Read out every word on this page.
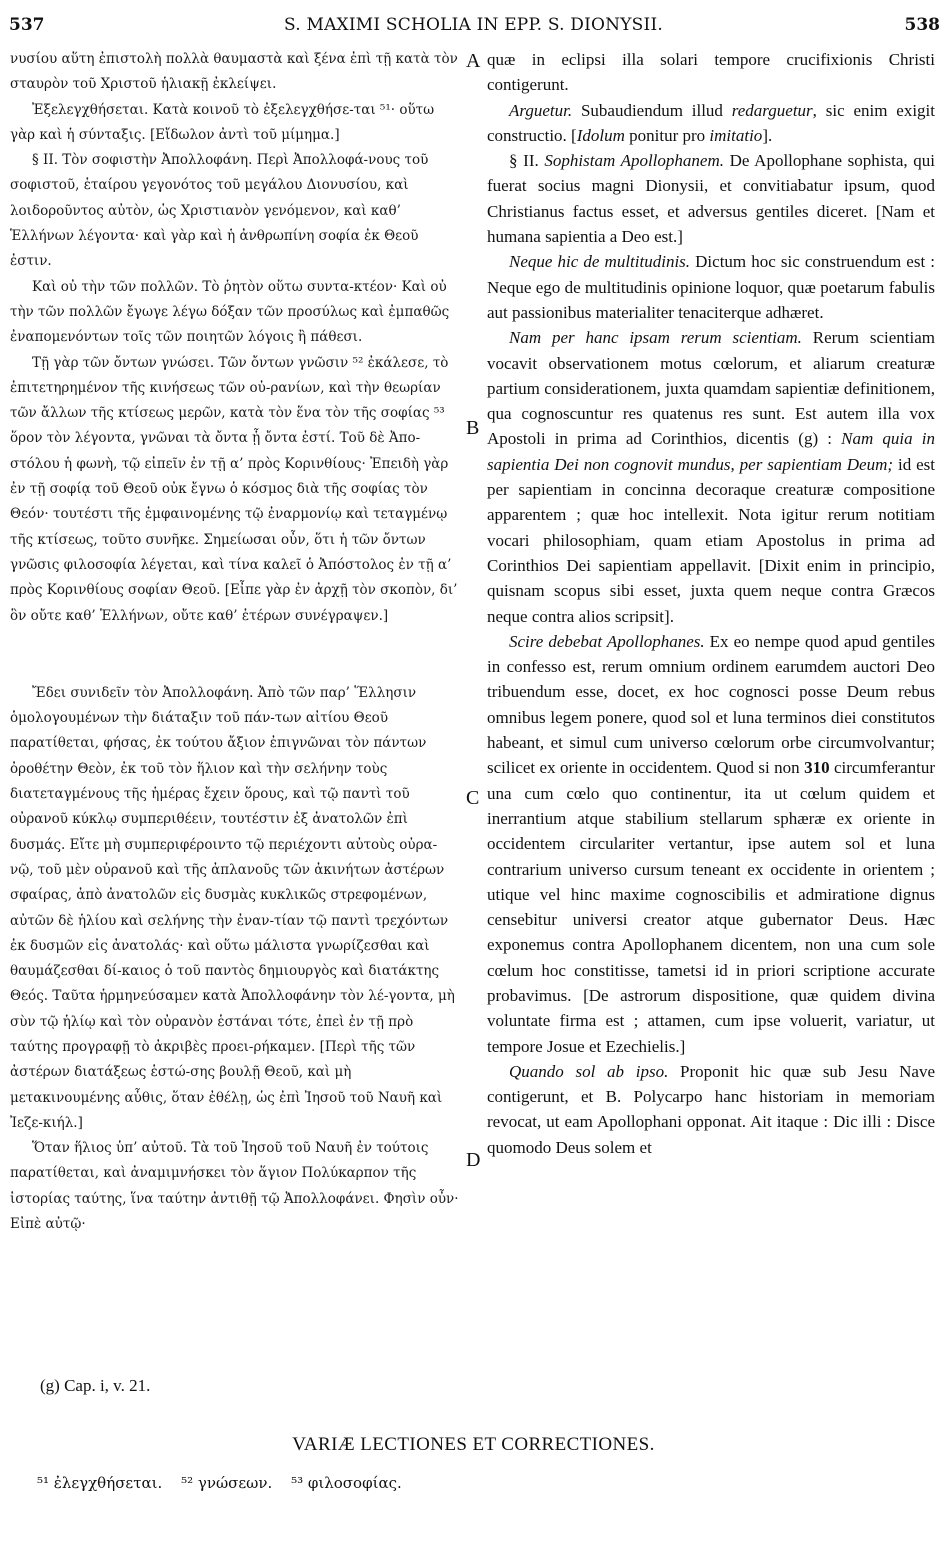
537	S. MAXIMI SCHOLIA IN EPP. S. DIONYSII.	538

νυσίου αὕτη ἐπιστολὴ πολλὰ θαυμαστὰ καὶ ξένα ἐπὶ τῇ κατὰ τὸν σταυρὸν τοῦ Χριστοῦ ἡλιακῇ ἐκλείψει.

Ἐξελεγχθήσεται. Κατὰ κοινοῦ τὸ ἐξελεγχθήσε-ται ⁵¹· οὕτω γὰρ καὶ ἡ σύνταξις. [Εἴδωλον ἀντὶ τοῦ μίμημα.]

§ II. Τὸν σοφιστὴν Ἀπολλοφάνη. Περὶ Ἀπολλοφά-νους τοῦ σοφιστοῦ, ἑταίρου γεγονότος τοῦ μεγάλου Διονυσίου, καὶ λοιδοροῦντος αὐτὸν, ὡς Χριστιανὸν γενόμενον, καὶ καθ’ Ἑλλήνων λέγοντα· καὶ γὰρ καὶ ἡ ἀνθρωπίνη σοφία ἐκ Θεοῦ ἐστιν.

Καὶ οὐ τὴν τῶν πολλῶν. Τὸ ῥητὸν οὕτω συντα-κτέον· Καὶ οὐ τὴν τῶν πολλῶν ἔγωγε λέγω δόξαν τῶν προσύλως καὶ ἐμπαθῶς ἐναπομενόντων τοῖς τῶν ποιητῶν λόγοις ἢ πάθεσι.

Τῇ γὰρ τῶν ὄντων γνώσει. Τῶν ὄντων γνῶσιν ⁵² ἐκάλεσε, τὸ ἐπιτετηρημένον τῆς κινήσεως τῶν οὐ-ρανίων, καὶ τὴν θεωρίαν τῶν ἄλλων τῆς κτίσεως μερῶν, κατὰ τὸν ἕνα τὸν τῆς σοφίας ⁵³ ὅρον τὸν λέγοντα, γνῶναι τὰ ὄντα ᾗ ὄντα ἐστί. Τοῦ δὲ Ἀπο-στόλου ἡ φωνὴ, τῷ εἰπεῖν ἐν τῇ α’ πρὸς Κορινθίους· Ἐπειδὴ γὰρ ἐν τῇ σοφίᾳ τοῦ Θεοῦ οὐκ ἔγνω ὁ κόσμος διὰ τῆς σοφίας τὸν Θεόν· τουτέστι τῆς ἐμφαινομένης τῷ ἐναρμονίῳ καὶ τεταγμένῳ τῆς κτίσεως, τοῦτο συνῆκε. Σημείωσαι οὖν, ὅτι ἡ τῶν ὄντων γνῶσις φιλοσοφία λέγεται, καὶ τίνα καλεῖ ὁ Ἀπόστολος ἐν τῇ α’ πρὸς Κορινθίους σοφίαν Θεοῦ. [Εἶπε γὰρ ἐν ἀρχῇ τὸν σκοπὸν, δι’ ὃν οὔτε καθ’ Ἑλλήνων, οὔτε καθ’ ἑτέρων συνέγραψεν.]

Ἔδει συνιδεῖν τὸν Ἀπολλοφάνη. Ἀπὸ τῶν παρ’ Ἕλλησιν ὁμολογουμένων τὴν διάταξιν τοῦ πάν-των αἰτίου Θεοῦ παρατίθεται, φήσας, ἐκ τούτου ἄξιον ἐπιγνῶναι τὸν πάντων ὀροθέτην Θεὸν, ἐκ τοῦ τὸν ἥλιον καὶ τὴν σελήνην τοὺς διατεταγμένους τῆς ἡμέρας ἔχειν ὅρους, καὶ τῷ παντὶ τοῦ οὐρανοῦ κύκλῳ συμπεριθέειν, τουτέστιν ἐξ ἀνατολῶν ἐπὶ δυσμάς. Εἴτε μὴ συμπεριφέροιντο τῷ περιέχοντι αὐτοὺς οὐρα-νῷ, τοῦ μὲν οὐρανοῦ καὶ τῆς ἀπλανοῦς τῶν ἀκινήτων ἀστέρων σφαίρας, ἀπὸ ἀνατολῶν εἰς δυσμὰς κυκλικῶς στρεφομένων, αὐτῶν δὲ ἡλίου καὶ σελήνης τὴν ἐναν-τίαν τῷ παντὶ τρεχόντων ἐκ δυσμῶν εἰς ἀνατολάς· καὶ οὕτω μάλιστα γνωρίζεσθαι καὶ θαυμάζεσθαι δί-καιος ὁ τοῦ παντὸς δημιουργὸς καὶ διατάκτης Θεός. Ταῦτα ἡρμηνεύσαμεν κατὰ Ἀπολλοφάνην τὸν λέ-γοντα, μὴ σὺν τῷ ἡλίῳ καὶ τὸν οὐρανὸν ἑστάναι τότε, ἐπεὶ ἐν τῇ πρὸ ταύτης προγραφῇ τὸ ἀκριβὲς προει-ρήκαμεν. [Περὶ τῆς τῶν ἀστέρων διατάξεως ἑστώ-σης βουλῇ Θεοῦ, καὶ μὴ μετακινουμένης αὖθις, ὅταν ἐθέλῃ, ὡς ἐπὶ Ἰησοῦ τοῦ Ναυῆ καὶ Ἰεζε-κιήλ.]

Ὅταν ἥλιος ὑπ’ αὐτοῦ. Τὰ τοῦ Ἰησοῦ τοῦ Ναυῆ ἐν τούτοις παρατίθεται, καὶ ἀναμιμνήσκει τὸν ἅγιον Πολύκαρπον τῆς ἱστορίας ταύτης, ἵνα ταύτην ἀντιθῇ τῷ Ἀπολλοφάνει. Φησὶν οὖν· Εἰπὲ αὐτῷ·

A
B
C
D

quæ in eclipsi illa solari tempore crucifixionis Christi contigerunt.

Arguetur. Subaudiendum illud redarguetur, sic enim exigit constructio. [Idolum ponitur pro imitatio].

§ II. Sophistam Apollophanem. De Apollophane sophista, qui fuerat socius magni Dionysii, et convitiabatur ipsum, quod Christianus factus esset, et adversus gentiles diceret. [Nam et humana sapientia a Deo est.]

Neque hic de multitudinis. Dictum hoc sic construendum est : Neque ego de multitudinis opinione loquor, quæ poetarum fabulis aut passionibus materialiter tenaciterque adhæret.

Nam per hanc ipsam rerum scientiam. Rerum scientiam vocavit observationem motus cœlorum, et aliarum creaturæ partium considerationem, juxta quamdam sapientiæ definitionem, qua cognoscuntur res quatenus res sunt. Est autem illa vox Apostoli in prima ad Corinthios, dicentis (g) : Nam quia in sapientia Dei non cognovit mundus, per sapientiam Deum; id est per sapientiam in concinna decoraque creaturæ compositione apparentem ; quæ hoc intellexit. Nota igitur rerum notitiam vocari philosophiam, quam etiam Apostolus in prima ad Corinthios Dei sapientiam appellavit. [Dixit enim in principio, quisnam scopus sibi esset, juxta quem neque contra Græcos neque contra alios scripsit].

Scire debebat Apollophanes. Ex eo nempe quod apud gentiles in confesso est, rerum omnium ordinem earumdem auctori Deo tribuendum esse, docet, ex hoc cognosci posse Deum rebus omnibus legem ponere, quod sol et luna terminos diei constitutos habeant, et simul cum universo cœlorum orbe circumvolvantur; scilicet ex oriente in occidentem. Quod si non 310 circumferantur una cum cœlo quo continentur, ita ut cœlum quidem et inerrantium atque stabilium stellarum sphæræ ex oriente in occidentem circulariter vertantur, ipse autem sol et luna contrarium universo cursum teneant ex occidente in orientem ; utique vel hinc maxime cognoscibilis et admiratione dignus censebitur universi creator atque gubernator Deus. Hæc exponemus contra Apollophanem dicentem, non una cum sole cœlum hoc constitisse, tametsi id in priori scriptione accurate probavimus. [De astrorum dispositione, quæ quidem divina voluntate firma est ; attamen, cum ipse voluerit, variatur, ut tempore Josue et Ezechielis.]

Quando sol ab ipso. Proponit hic quæ sub Jesu Nave contigerunt, et B. Polycarpo hanc historiam in memoriam revocat, ut eam Apollophani opponat. Ait itaque : Dic illi : Disce quomodo Deus solem et

(g) Cap. i, v. 21.
VARIÆ LECTIONES ET CORRECTIONES.
⁵¹ ἐλεγχθήσεται. ⁵² γνώσεων. ⁵³ φιλοσοφίας.
